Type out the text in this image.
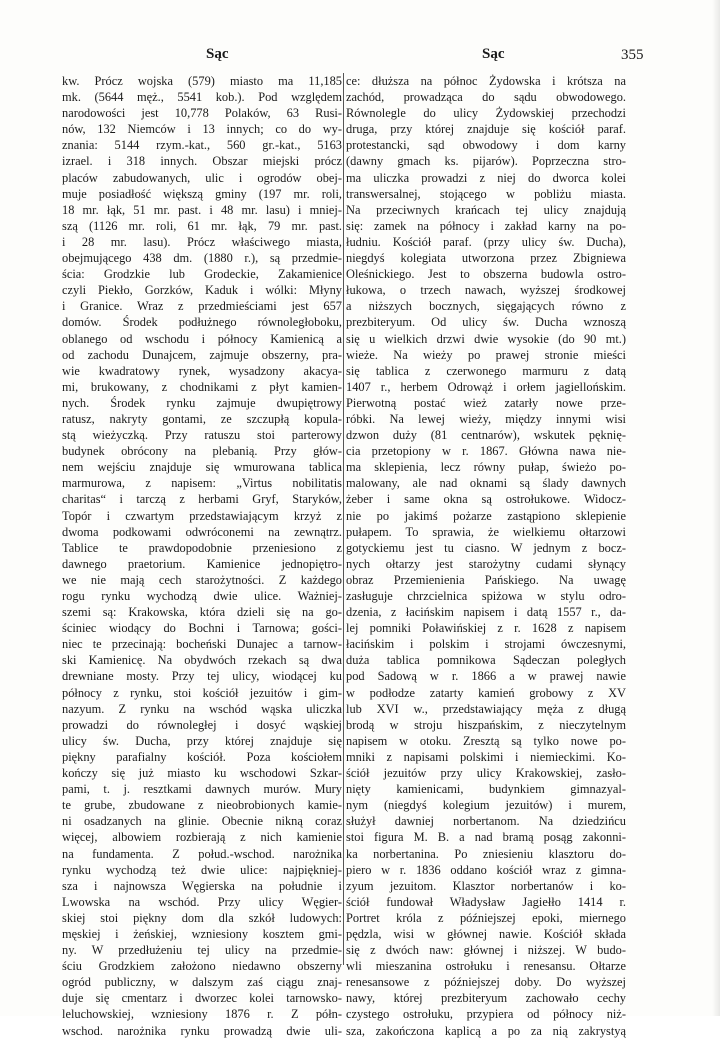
Sąc	Sąc	355
kw. Prócz wojska (579) miasto ma 11,185
mk. (5644 męż., 5541 kob.). Pod względem
narodowości jest 10,778 Polaków, 63 Rusi-
nów, 132 Niemców i 13 innych; co do wy-
znania: 5144 rzym.-kat., 560 gr.-kat., 5163
izrael. i 318 innych. Obszar miejski prócz
placów zabudowanych, ulic i ogrodów obej-
muje posiadłość większą gminy (197 mr. roli,
18 mr. łąk, 51 mr. past. i 48 mr. lasu) i mniej-
szą (1126 mr. roli, 61 mr. łąk, 79 mr. past.
i 28 mr. lasu). Prócz właściwego miasta,
obejmującego 438 dm. (1880 r.), są przedmie-
ścia: Grodzkie lub Grodeckie, Zakamienice
czyli Piekło, Gorzków, Kaduk i wólki: Młyny
i Granice. Wraz z przedmieściami jest 657
domów. Środek podłużnego równoległoboku,
oblanego od wschodu i północy Kamienicą a
od zachodu Dunajcem, zajmuje obszerny, pra-
wie kwadratowy rynek, wysadzony akacya-
mi, brukowany, z chodnikami z płyt kamien-
nych. Środek rynku zajmuje dwupiętrowy
ratusz, nakryty gontami, ze szczupłą kopula-
stą wieżyczką. Przy ratuszu stoi parterowy
budynek obrócony na plebanią. Przy głów-
nem wejściu znajduje się wmurowana tablica
marmurowa, z napisem: „Virtus nobilitatis
charitas“ i tarczą z herbami Gryf, Staryków,
Topór i czwartym przedstawiającym krzyż z
dwoma podkowami odwróconemi na zewnątrz.
Tablice te prawdopodobnie przeniesiono z
dawnego praetorium. Kamienice jednopiętro-
we nie mają cech starożytności. Z każdego
rogu rynku wychodzą dwie ulice. Ważniej-
szemi są: Krakowska, która dzieli się na go-
ściniec wiodący do Bochni i Tarnowa; gości-
niec te przecinają: bocheński Dunajec a tarnow-
ski Kamienicę. Na obydwóch rzekach są dwa
drewniane mosty. Przy tej ulicy, wiodącej ku
północy z rynku, stoi kościół jezuitów i gim-
nazyum. Z rynku na wschód wąska uliczka
prowadzi do równoległej i dosyć wąskiej
ulicy św. Ducha, przy której znajduje się
piękny parafialny kościół. Poza kościołem
kończy się już miasto ku wschodowi Szkar-
pami, t. j. resztkami dawnych murów. Mury
te grube, zbudowane z nieobrobionych kamie-
ni osadzanych na glinie. Obecnie nikną coraz
więcej, albowiem rozbierają z nich kamienie
na fundamenta. Z połud.-wschod. narożnika
rynku wychodzą też dwie ulice: najpiękniej-
sza i najnowsza Węgierska na południe i
Lwowska na wschód. Przy ulicy Węgier-
skiej stoi piękny dom dla szkół ludowych:
męskiej i żeńskiej, wzniesiony kosztem gmi-
ny. W przedłużeniu tej ulicy na przedmie-
ściu Grodzkiem założono niedawno obszerny
ogród publiczny, w dalszym zaś ciągu znaj-
duje się cmentarz i dworzec kolei tarnowsko-
leluchowskiej, wzniesiony 1876 r. Z półn-
wschod. narożnika rynku prowadzą dwie uli-
ce: dłuższa na północ Żydowska i krótsza na
zachód, prowadząca do sądu obwodowego.
Równolegle do ulicy Żydowskiej przechodzi
druga, przy której znajduje się kościół paraf.
protestancki, sąd obwodowy i dom karny
(dawny gmach ks. pijarów). Poprzeczna stro-
ma uliczka prowadzi z niej do dworca kolei
transwersalnej, stojącego w pobliżu miasta.
Na przeciwnych krańcach tej ulicy znajdują
się: zamek na północy i zakład karny na po-
łudniu. Kościół paraf. (przy ulicy św. Ducha),
niegdyś kolegiata utworzona przez Zbigniewa
Oleśnickiego. Jest to obszerna budowla ostro-
łukowa, o trzech nawach, wyższej środkowej
a niższych bocznych, sięgających równo z
prezbiteryum. Od ulicy św. Ducha wznoszą
się u wielkich drzwi dwie wysokie (do 90 mt.)
wieże. Na wieży po prawej stronie mieści
się tablica z czerwonego marmuru z datą
1407 r., herbem Odrowąż i orłem jagiellońskim.
Pierwotną postać wież zatarły nowe prze-
róbki. Na lewej wieży, między innymi wisi
dzwon duży (81 centnarów), wskutek pęknię-
cia przetopiony w r. 1867. Główna nawa nie-
ma sklepienia, lecz równy pułap, świeżo po-
malowany, ale nad oknami są ślady dawnych
żeber i same okna są ostrołukowe. Widocz-
nie po jakimś pożarze zastąpiono sklepienie
pułapem. To sprawia, że wielkiemu ołtarzowi
gotyckiemu jest tu ciasno. W jednym z bocz-
nych ołtarzy jest starożytny cudami słynący
obraz Przemienienia Pańskiego. Na uwagę
zasługuje chrzcielnica spiżowa w stylu odro-
dzenia, z łacińskim napisem i datą 1557 r., da-
lej pomniki Poławińskiej z r. 1628 z napisem
łacińskim i polskim i strojami ówczesnymi,
duża tablica pomnikowa Sądeczan poległych
pod Sadową w r. 1866 a w prawej nawie
w podłodze zatarty kamień grobowy z XV
lub XVI w., przedstawiający męża z długą
brodą w stroju hiszpańskim, z nieczytelnym
napisem w otoku. Zresztą są tylko nowe po-
mniki z napisami polskimi i niemieckimi. Ko-
ściół jezuitów przy ulicy Krakowskiej, zasło-
nięty kamienicami, budynkiem gimnazyal-
nym (niegdyś kolegium jezuitów) i murem,
służył dawniej norbertanom. Na dziedzińcu
stoi figura M. B. a nad bramą posąg zakonni-
ka norbertanina. Po zniesieniu klasztoru do-
piero w r. 1836 oddano kościół wraz z gimna-
zyum jezuitom. Klasztor norbertanów i ko-
ściół fundował Władysław Jagiełło 1414 r.
Portret króla z późniejszej epoki, miernego
pędzla, wisi w głównej nawie. Kościół składa
się z dwóch naw: głównej i niższej. W budo-
wli mieszanina ostrołuku i renesansu. Ołtarze
renesansowe z późniejszej doby. Do wyższej
nawy, której prezbiteryum zachowało cechy
czystego ostrołuku, przypiera od północy niż-
sza, zakończona kaplicą a po za nią zakrystyą
